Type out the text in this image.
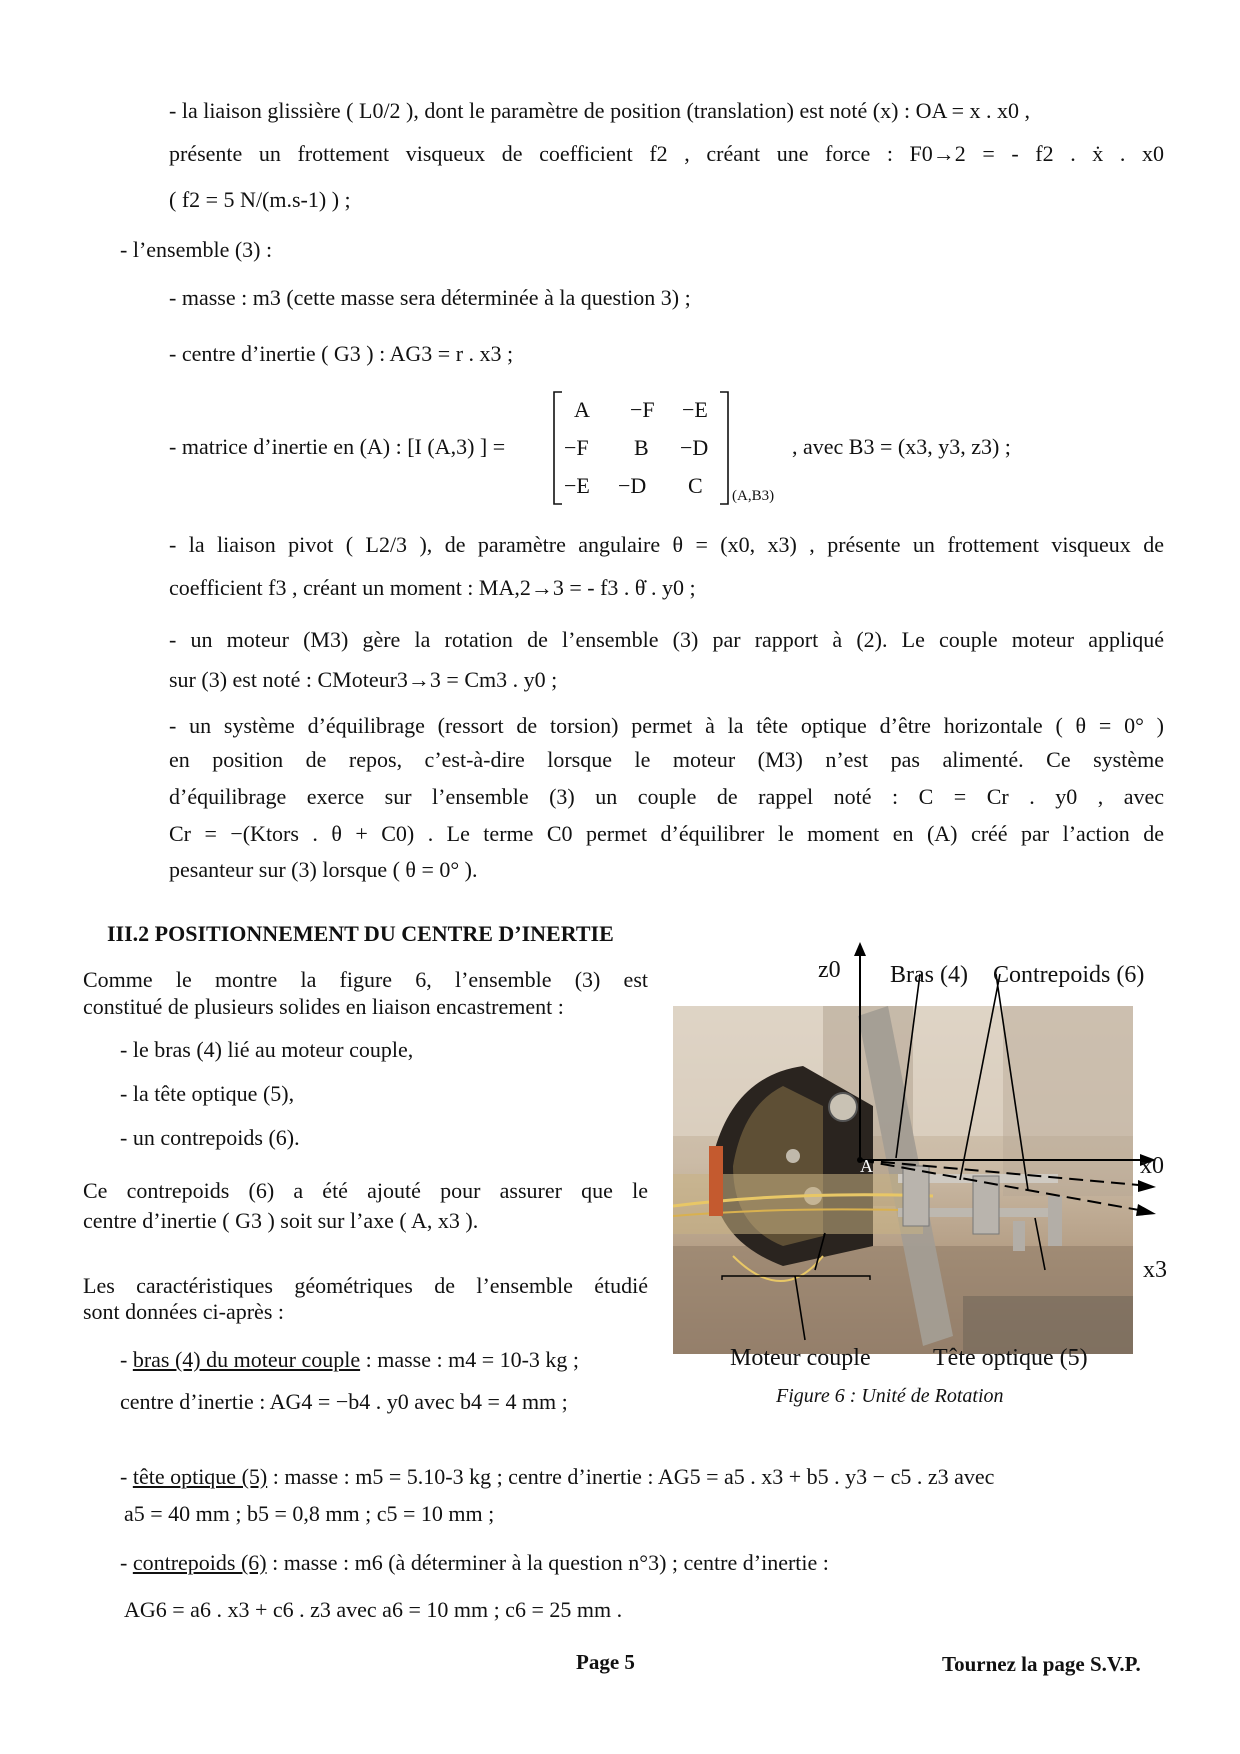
- la liaison glissière ( L0/2 ), dont le paramètre de position (translation) est noté (x) : OA = x . x0 ,
présente un frottement visqueux de coefficient f2 , créant une force : F0→2 = - f2 . ẋ . x0
( f2 = 5 N/(m.s-1) ) ;
- l’ensemble (3) :
- masse : m3 (cette masse sera déterminée à la question 3) ;
- centre d’inertie ( G3 ) : AG3 = r . x3 ;
- matrice d’inertie en (A) : [I (A,3) ] =
A −F −E
−F B −D
−E −D C (A,B3)
, avec B3 = (x3, y3, z3) ;
- la liaison pivot ( L2/3 ), de paramètre angulaire θ = (x0, x3) , présente un frottement visqueux de
coefficient f3 , créant un moment : MA,2→3 = - f3 . θ̇ . y0 ;
- un moteur (M3) gère la rotation de l’ensemble (3) par rapport à (2). Le couple moteur appliqué
sur (3) est noté : CMoteur3→3 = Cm3 . y0 ;
- un système d’équilibrage (ressort de torsion) permet à la tête optique d’être horizontale ( θ = 0° )
en position de repos, c’est-à-dire lorsque le moteur (M3) n’est pas alimenté. Ce système
d’équilibrage exerce sur l’ensemble (3) un couple de rappel noté : C = Cr . y0 , avec
Cr = −(Ktors . θ + C0) . Le terme C0 permet d’équilibrer le moment en (A) créé par l’action de
pesanteur sur (3) lorsque ( θ = 0° ).
III.2 POSITIONNEMENT DU CENTRE D’INERTIE
Comme le montre la figure 6, l’ensemble (3) est
constitué de plusieurs solides en liaison encastrement :
- le bras (4) lié au moteur couple,
- la tête optique (5),
- un contrepoids (6).
Ce contrepoids (6) a été ajouté pour assurer que le
centre d’inertie ( G3 ) soit sur l’axe ( A, x3 ).
Les caractéristiques géométriques de l’ensemble étudié
sont données ci-après :
- bras (4) du moteur couple : masse : m4 = 10-3 kg ;
centre d’inertie : AG4 = −b4 . y0 avec b4 = 4 mm ;
z0 Bras (4) Contrepoids (6)
x0
x3
A
Moteur couple	Tête optique (5)
Figure 6 : Unité de Rotation
- tête optique (5) : masse : m5 = 5.10-3 kg ; centre d’inertie : AG5 = a5 . x3 + b5 . y3 − c5 . z3 avec
a5 = 40 mm ; b5 = 0,8 mm ; c5 = 10 mm ;
- contrepoids (6) : masse : m6 (à déterminer à la question n°3) ; centre d’inertie :
AG6 = a6 . x3 + c6 . z3 avec a6 = 10 mm ; c6 = 25 mm .
Page 5	Tournez la page S.V.P.
